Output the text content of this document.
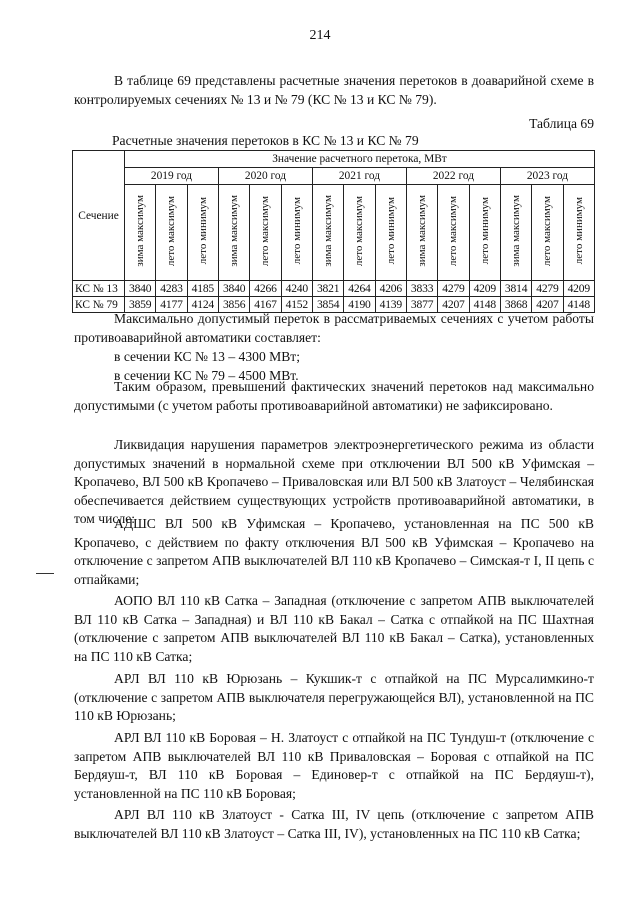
214

В таблице 69 представлены расчетные значения перетоков в доаварийной схеме в контролируемых сечениях № 13 и № 79 (КС № 13 и КС № 79).

Таблица 69
Расчетные значения перетоков в КС № 13 и КС № 79
Сечение	Значение расчетного перетока, МВт														
	2019 год			2020 год			2021 год			2022 год			2023 год		
	зима максимум	лето максимум	лето минимум	зима максимум	лето максимум	лето минимум	зима максимум	лето максимум	лето минимум	зима максимум	лето максимум	лето минимум	зима максимум	лето максимум	лето минимум
КС № 13	3840	4283	4185	3840	4266	4240	3821	4264	4206	3833	4279	4209	3814	4279	4209
КС № 79	3859	4177	4124	3856	4167	4152	3854	4190	4139	3877	4207	4148	3868	4207	4148

Максимально допустимый переток в рассматриваемых сечениях с учетом работы противоаварийной автоматики составляет:

в сечении КС № 13 – 4300 МВт;

в сечении КС № 79 – 4500 МВт.

Таким образом, превышений фактических значений перетоков над максимально допустимыми (с учетом работы противоаварийной автоматики) не зафиксировано.

Ликвидация нарушения параметров электроэнергетического режима из области допустимых значений в нормальной схеме при отключении ВЛ 500 кВ Уфимская – Кропачево, ВЛ 500 кВ Кропачево – Приваловская или ВЛ 500 кВ Златоуст – Челябинская обеспечивается действием существующих устройств противоаварийной автоматики, в том числе:

АДШС ВЛ 500 кВ Уфимская – Кропачево, установленная на ПС 500 кВ Кропачево, с действием по факту отключения ВЛ 500 кВ Уфимская – Кропачево на отключение с запретом АПВ выключателей ВЛ 110 кВ Кропачево – Симская-т I, II цепь с отпайками;

АОПО ВЛ 110 кВ Сатка – Западная (отключение с запретом АПВ выключателей ВЛ 110 кВ Сатка – Западная) и ВЛ 110 кВ Бакал – Сатка с отпайкой на ПС Шахтная (отключение с запретом АПВ выключателей ВЛ 110 кВ Бакал – Сатка), установленных на ПС 110 кВ Сатка;

АРЛ ВЛ 110 кВ Юрюзань – Кукшик-т с отпайкой на ПС Мурсалимкино-т (отключение с запретом АПВ выключателя перегружающейся ВЛ), установленной на ПС 110 кВ Юрюзань;

АРЛ ВЛ 110 кВ Боровая – Н. Златоуст с отпайкой на ПС Тундуш-т (отключение с запретом АПВ выключателей ВЛ 110 кВ Приваловская – Боровая с отпайкой на ПС Бердяуш-т, ВЛ 110 кВ Боровая – Единовер-т с отпайкой на ПС Бердяуш-т), установленной на ПС 110 кВ Боровая;

АРЛ ВЛ 110 кВ Златоуст - Сатка III, IV цепь (отключение с запретом АПВ выключателей ВЛ 110 кВ Златоуст – Сатка III, IV), установленных на ПС 110 кВ Сатка;
